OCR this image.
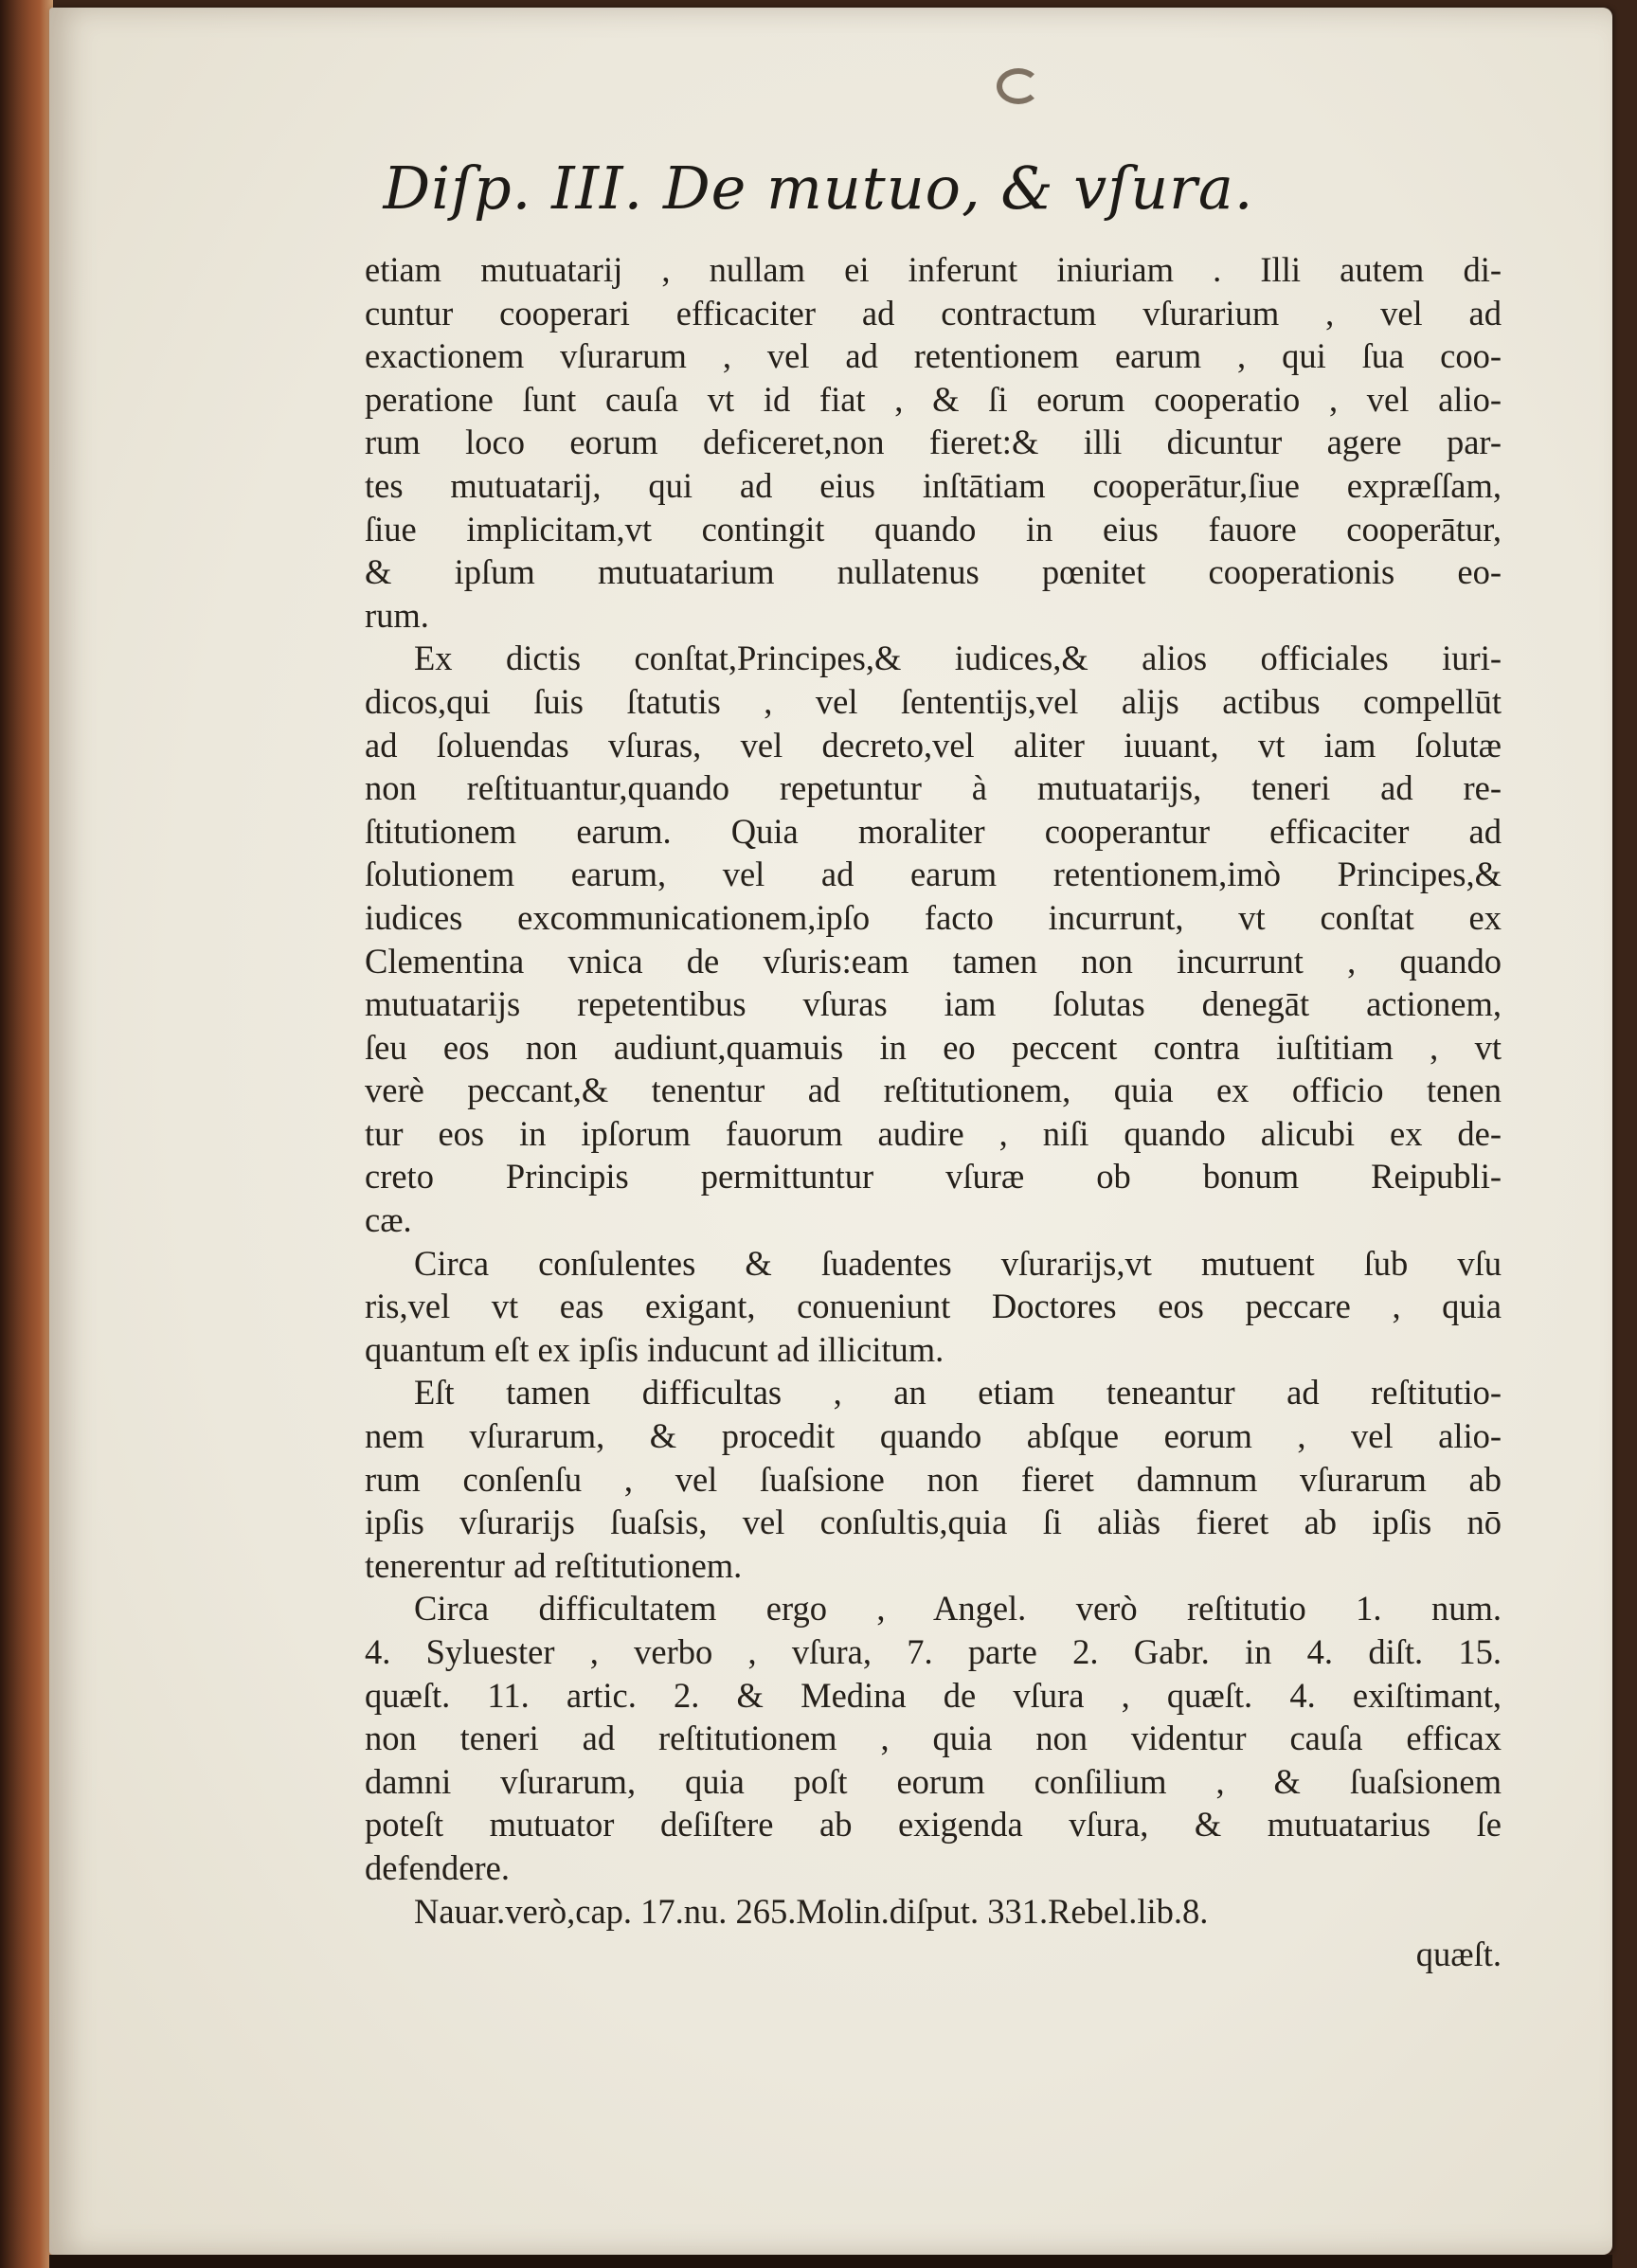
Diſp. III. De mutuo, & vſura.
etiam mutuatarij , nullam ei inferunt iniuriam . Illi autem di-
cuntur cooperari efficaciter ad contractum vſurarium , vel ad
exactionem vſurarum , vel ad retentionem earum , qui ſua coo-
peratione ſunt cauſa vt id fiat , & ſi eorum cooperatio , vel alio-
rum loco eorum deficeret,non fieret:& illi dicuntur agere par-
tes mutuatarij, qui ad eius inſtātiam cooperātur,ſiue expræſſam,
ſiue implicitam,vt contingit quando in eius fauore cooperātur,
& ipſum mutuatarium nullatenus pœnitet cooperationis eo-
rum.
Ex dictis conſtat,Principes,& iudices,& alios officiales iuri-
dicos,qui ſuis ſtatutis , vel ſententijs,vel alijs actibus compellūt
ad ſoluendas vſuras, vel decreto,vel aliter iuuant, vt iam ſolutæ
non reſtituantur,quando repetuntur à mutuatarijs, teneri ad re-
ſtitutionem earum. Quia moraliter cooperantur efficaciter ad
ſolutionem earum, vel ad earum retentionem,imò Principes,&
iudices excommunicationem,ipſo facto incurrunt, vt conſtat ex
Clementina vnica de vſuris:eam tamen non incurrunt , quando
mutuatarijs repetentibus vſuras iam ſolutas denegāt actionem,
ſeu eos non audiunt,quamuis in eo peccent contra iuſtitiam , vt
verè peccant,& tenentur ad reſtitutionem, quia ex officio tenen
tur eos in ipſorum fauorum audire , niſi quando alicubi ex de-
creto Principis permittuntur vſuræ ob bonum Reipubli-
cæ.
Circa conſulentes & ſuadentes vſurarijs,vt mutuent ſub vſu
ris,vel vt eas exigant, conueniunt Doctores eos peccare , quia
quantum eſt ex ipſis inducunt ad illicitum.
Eſt tamen difficultas , an etiam teneantur ad reſtitutio-
nem vſurarum, & procedit quando abſque eorum , vel alio-
rum conſenſu , vel ſuaſsione non fieret damnum vſurarum ab
ipſis vſurarijs ſuaſsis, vel conſultis,quia ſi aliàs fieret ab ipſis nō
tenerentur ad reſtitutionem.
Circa difficultatem ergo , Angel. verò reſtitutio 1. num.
4. Syluester , verbo , vſura, 7. parte 2. Gabr. in 4. diſt. 15.
quæſt. 11. artic. 2. & Medina de vſura , quæſt. 4. exiſtimant,
non teneri ad reſtitutionem , quia non videntur cauſa efficax
damni vſurarum, quia poſt eorum conſilium , & ſuaſsionem
poteſt mutuator deſiſtere ab exigenda vſura, & mutuatarius ſe
defendere.
Nauar.verò,cap. 17.nu. 265.Molin.diſput. 331.Rebel.lib.8.
quæſt.
